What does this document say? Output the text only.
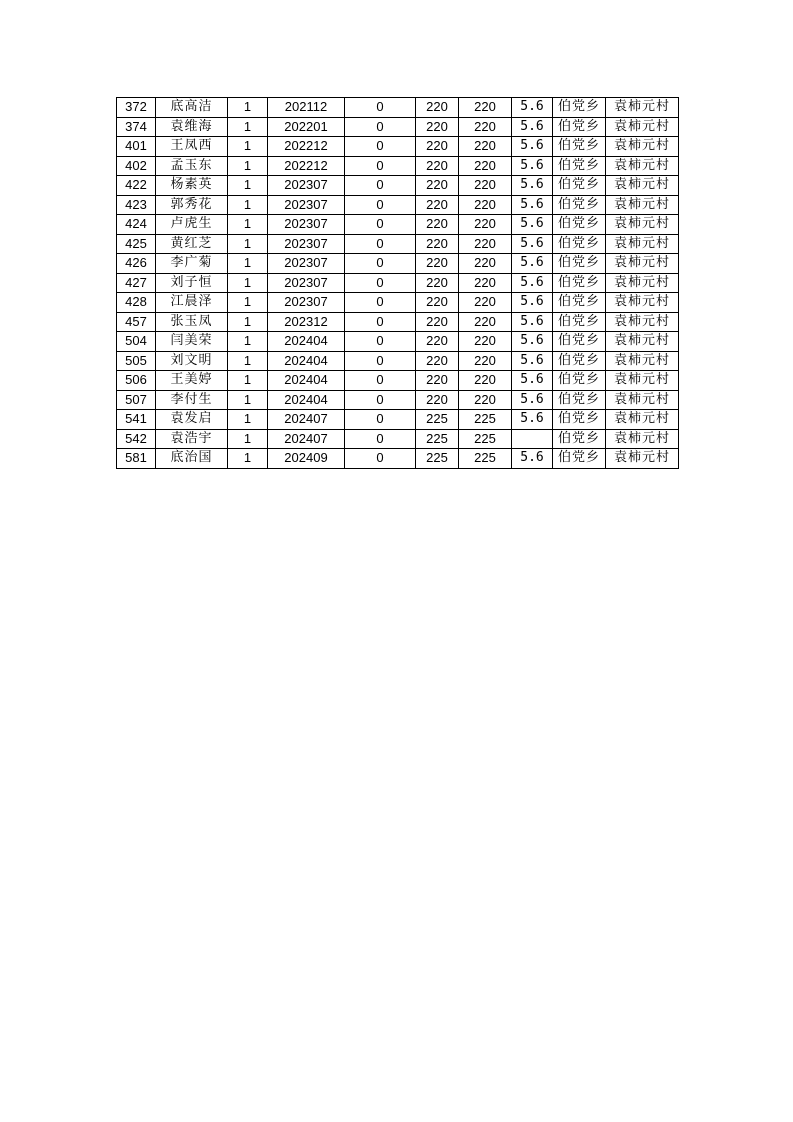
372	底高洁	1	202112	0	220	220	5.6	伯党乡	袁柿元村
374	袁维海	1	202201	0	220	220	5.6	伯党乡	袁柿元村
401	王凤西	1	202212	0	220	220	5.6	伯党乡	袁柿元村
402	孟玉东	1	202212	0	220	220	5.6	伯党乡	袁柿元村
422	杨素英	1	202307	0	220	220	5.6	伯党乡	袁柿元村
423	郭秀花	1	202307	0	220	220	5.6	伯党乡	袁柿元村
424	卢虎生	1	202307	0	220	220	5.6	伯党乡	袁柿元村
425	黄红芝	1	202307	0	220	220	5.6	伯党乡	袁柿元村
426	李广菊	1	202307	0	220	220	5.6	伯党乡	袁柿元村
427	刘子恒	1	202307	0	220	220	5.6	伯党乡	袁柿元村
428	江晨泽	1	202307	0	220	220	5.6	伯党乡	袁柿元村
457	张玉凤	1	202312	0	220	220	5.6	伯党乡	袁柿元村
504	闫美荣	1	202404	0	220	220	5.6	伯党乡	袁柿元村
505	刘文明	1	202404	0	220	220	5.6	伯党乡	袁柿元村
506	王美婷	1	202404	0	220	220	5.6	伯党乡	袁柿元村
507	李付生	1	202404	0	220	220	5.6	伯党乡	袁柿元村
541	袁发启	1	202407	0	225	225	5.6	伯党乡	袁柿元村
542	袁浩宇	1	202407	0	225	225		伯党乡	袁柿元村
581	底治国	1	202409	0	225	225	5.6	伯党乡	袁柿元村
